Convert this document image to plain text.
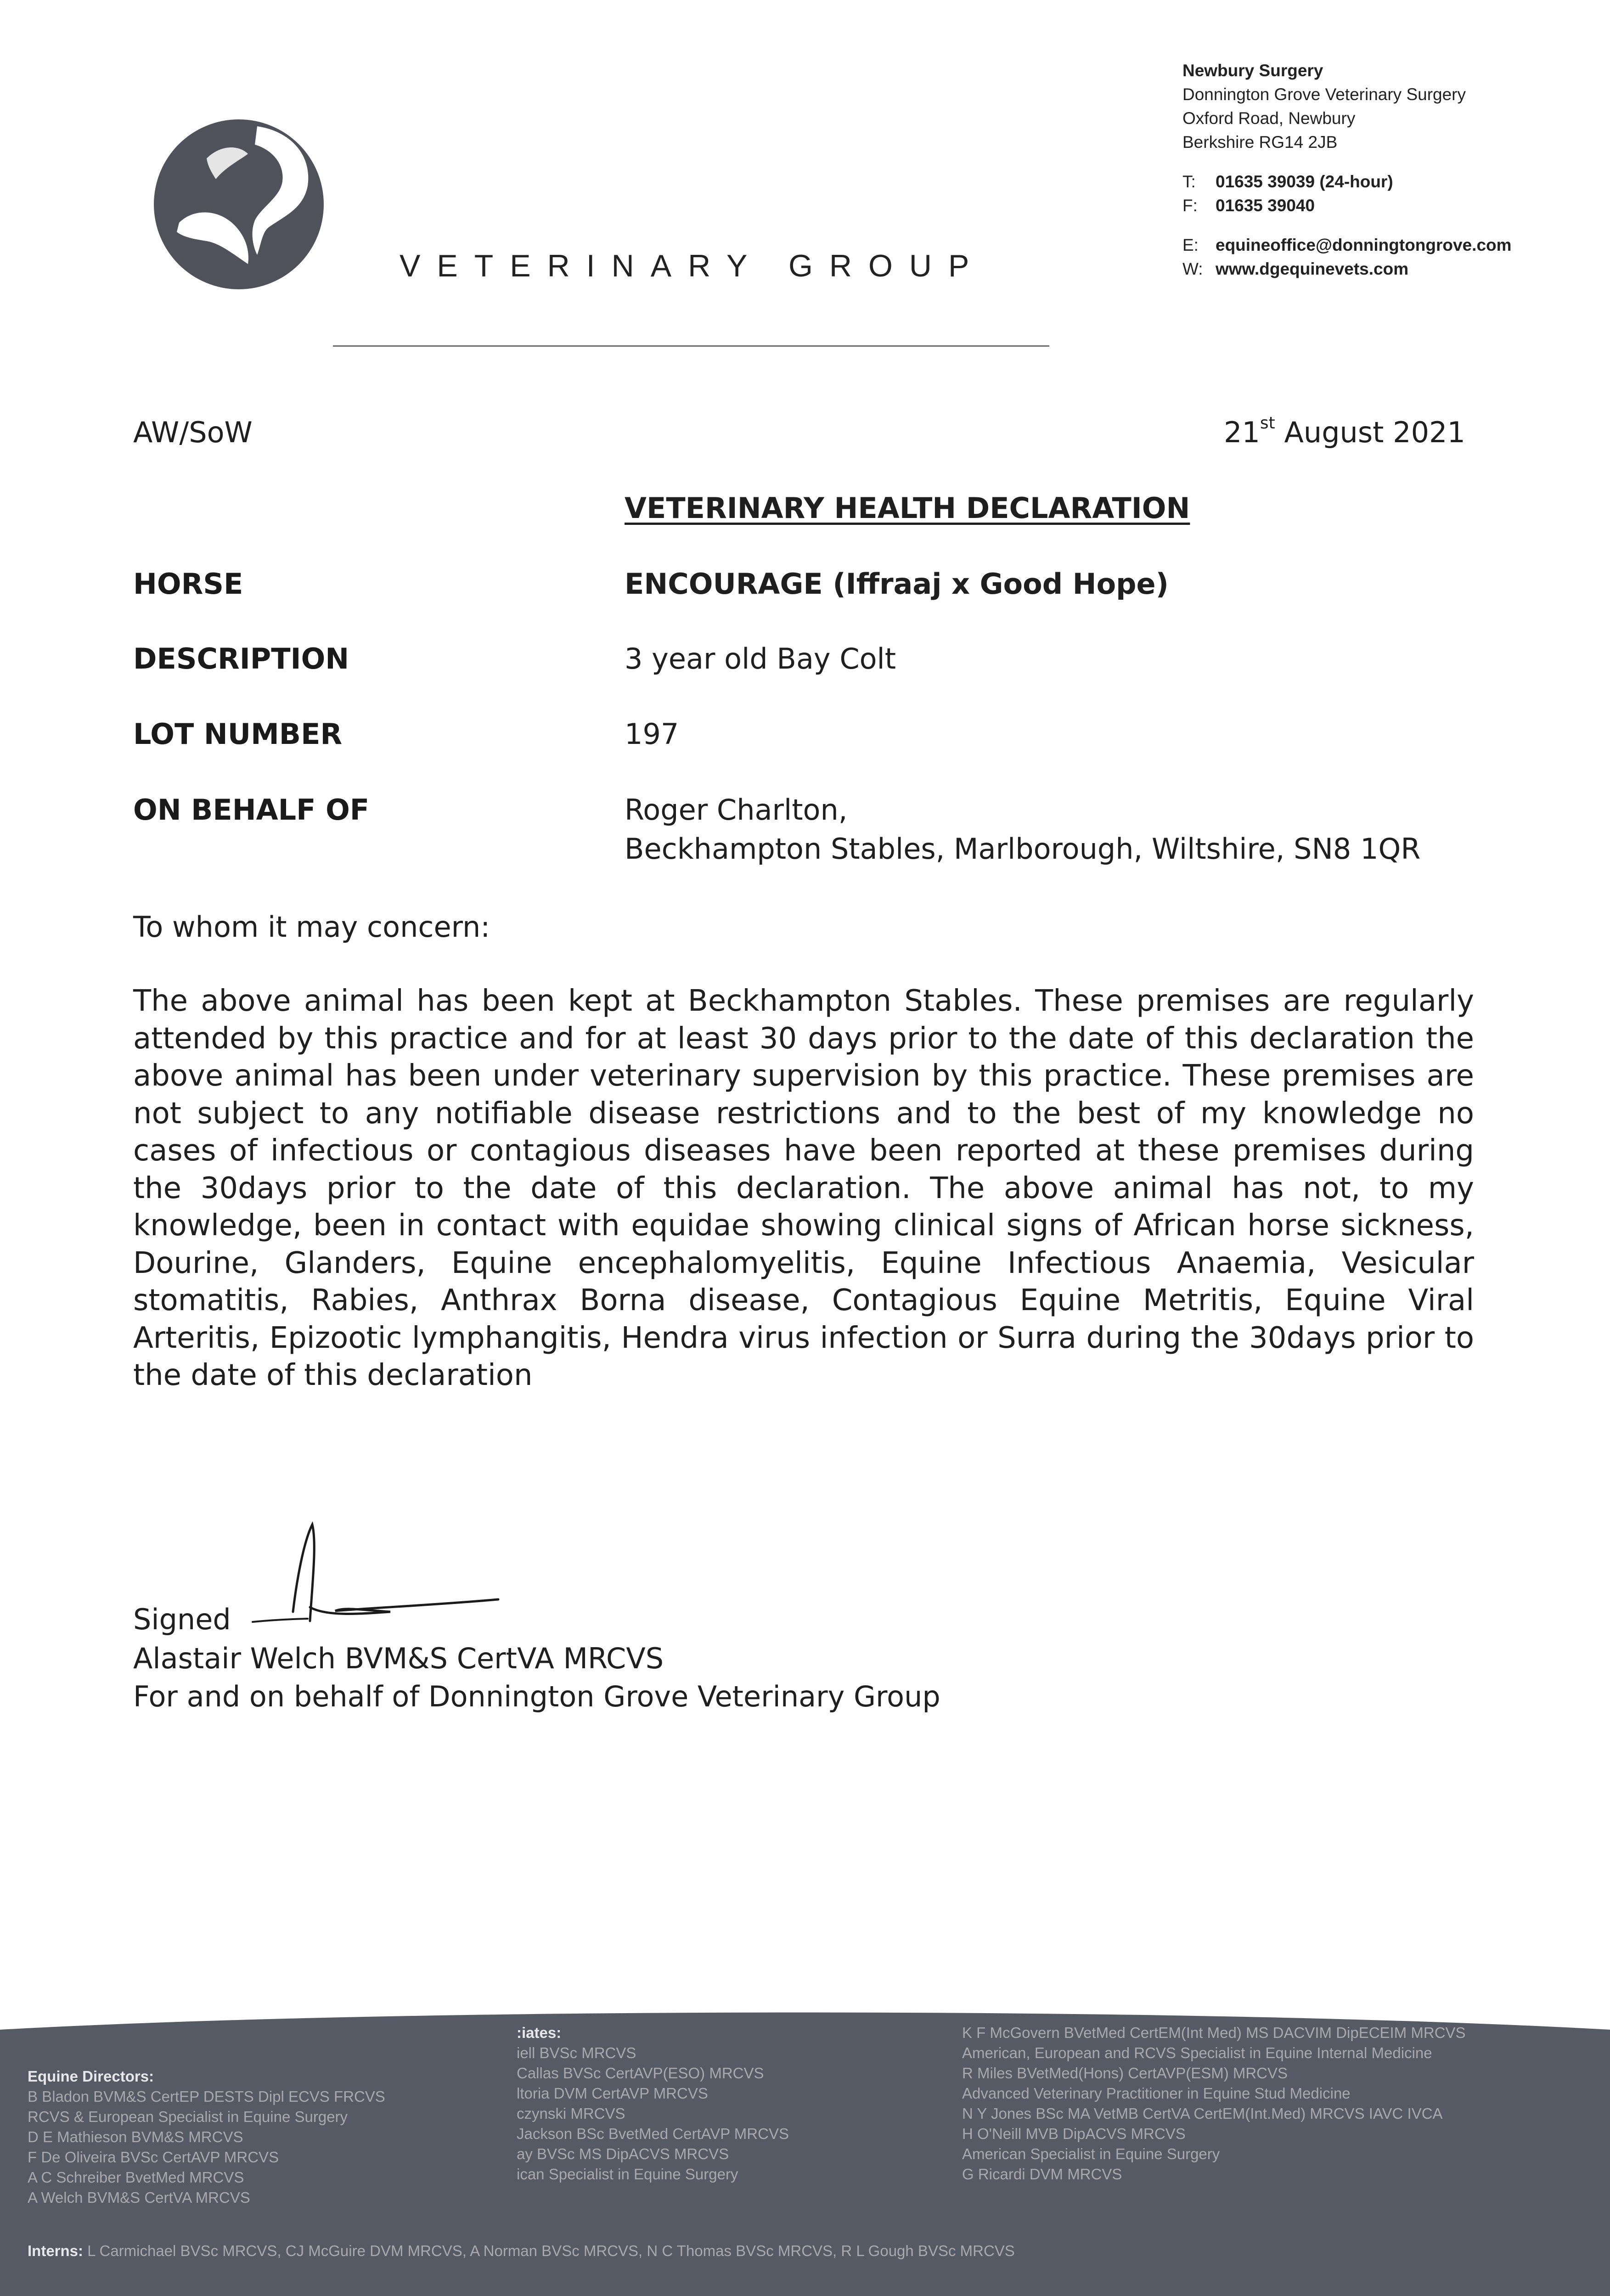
VETERINARY GROUP
Newbury Surgery
Donnington Grove Veterinary Surgery
Oxford Road, Newbury
Berkshire RG14 2JB
T: 01635 39039 (24-hour)
F: 01635 39040
E: equineoffice@donningtongrove.com
W: www.dgequinevets.com
AW/SoW	21st August 2021
VETERINARY HEALTH DECLARATION
HORSE	ENCOURAGE (Iffraaj x Good Hope)
DESCRIPTION	3 year old Bay Colt
LOT NUMBER	197
ON BEHALF OF	Roger Charlton,
Beckhampton Stables, Marlborough, Wiltshire, SN8 1QR
To whom it may concern:
The above animal has been kept at Beckhampton Stables. These premises are regularly attended by this practice and for at least 30 days prior to the date of this declaration the above animal has been under veterinary supervision by this practice. These premises are not subject to any notifiable disease restrictions and to the best of my knowledge no cases of infectious or contagious diseases have been reported at these premises during the 30days prior to the date of this declaration. The above animal has not, to my knowledge, been in contact with equidae showing clinical signs of African horse sickness, Dourine, Glanders, Equine encephalomyelitis, Equine Infectious Anaemia, Vesicular stomatitis, Rabies, Anthrax Borna disease, Contagious Equine Metritis, Equine Viral Arteritis, Epizootic lymphangitis, Hendra virus infection or Surra during the 30days prior to the date of this declaration
Signed
Alastair Welch BVM&S CertVA MRCVS
For and on behalf of Donnington Grove Veterinary Group
Equine Directors:
B Bladon BVM&S CertEP DESTS Dipl ECVS FRCVS
RCVS & European Specialist in Equine Surgery
D E Mathieson BVM&S MRCVS
F De Oliveira BVSc CertAVP MRCVS
A C Schreiber BvetMed MRCVS
A Welch BVM&S CertVA MRCVS
:iates:
iell BVSc MRCVS
Callas BVSc CertAVP(ESO) MRCVS
ltoria DVM CertAVP MRCVS
czynski MRCVS
Jackson BSc BvetMed CertAVP MRCVS
ay BVSc MS DipACVS MRCVS
ican Specialist in Equine Surgery
K F McGovern BVetMed CertEM(Int Med) MS DACVIM DipECEIM MRCVS
American, European and RCVS Specialist in Equine Internal Medicine
R Miles BVetMed(Hons) CertAVP(ESM) MRCVS
Advanced Veterinary Practitioner in Equine Stud Medicine
N Y Jones BSc MA VetMB CertVA CertEM(Int.Med) MRCVS IAVC IVCA
H O'Neill MVB DipACVS MRCVS
American Specialist in Equine Surgery
G Ricardi DVM MRCVS
Interns: L Carmichael BVSc MRCVS, CJ McGuire DVM MRCVS, A Norman BVSc MRCVS, N C Thomas BVSc MRCVS, R L Gough BVSc MRCVS
